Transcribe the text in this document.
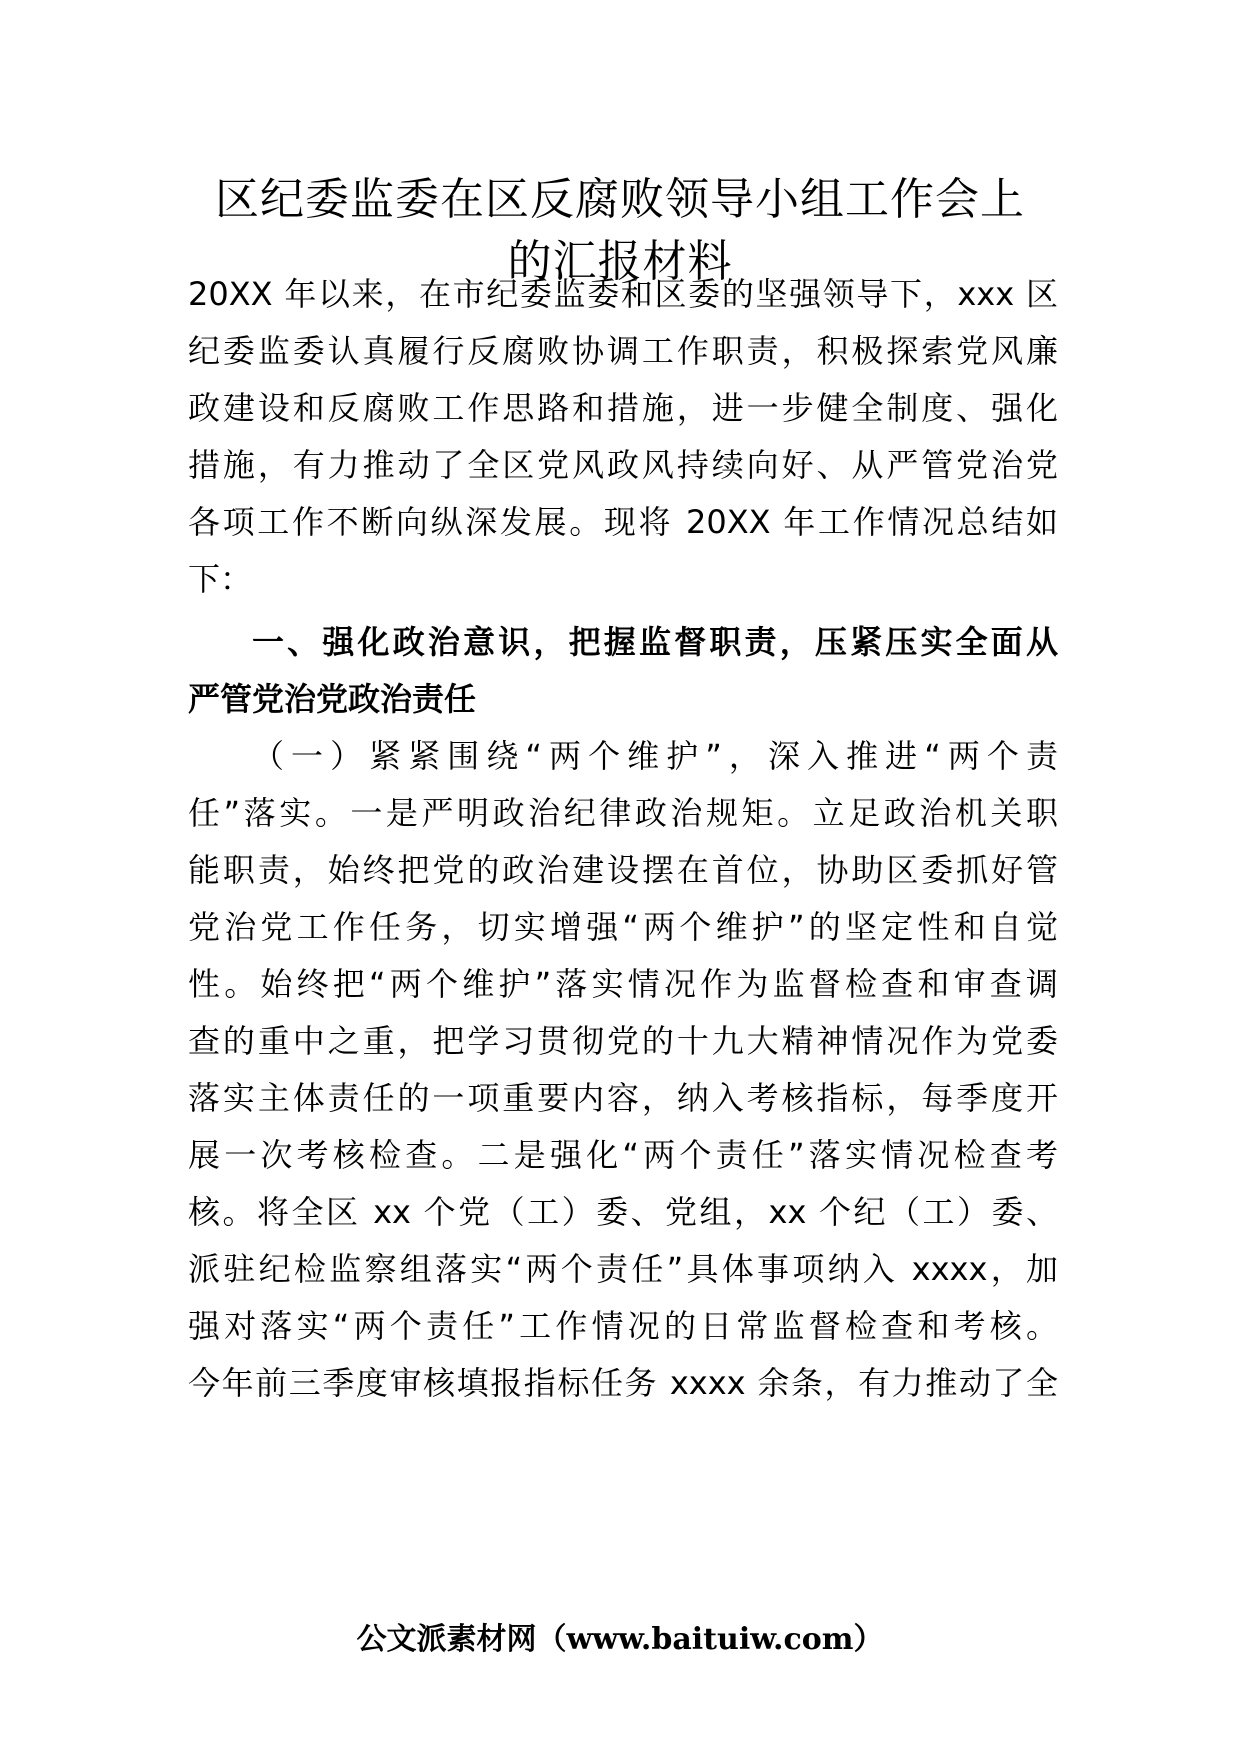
区纪委监委在区反腐败领导小组工作会上
的汇报材料
20XX 年以来，在市纪委监委和区委的坚强领导下，xxx 区
纪委监委认真履行反腐败协调工作职责，积极探索党风廉
政建设和反腐败工作思路和措施，进一步健全制度、强化
措施，有力推动了全区党风政风持续向好、从严管党治党
各项工作不断向纵深发展。现将 20XX 年工作情况总结如
下：
一、强化政治意识，把握监督职责，压紧压实全面从
严管党治党政治责任
（一）紧紧围绕“两个维护”，深入推进“两个责
任”落实。一是严明政治纪律政治规矩。立足政治机关职
能职责，始终把党的政治建设摆在首位，协助区委抓好管
党治党工作任务，切实增强“两个维护”的坚定性和自觉
性。始终把“两个维护”落实情况作为监督检查和审查调
查的重中之重，把学习贯彻党的十九大精神情况作为党委
落实主体责任的一项重要内容，纳入考核指标，每季度开
展一次考核检查。二是强化“两个责任”落实情况检查考
核。将全区 xx 个党（工）委、党组，xx 个纪（工）委、
派驻纪检监察组落实“两个责任”具体事项纳入 xxxx，加
强对落实“两个责任”工作情况的日常监督检查和考核。
今年前三季度审核填报指标任务 xxxx 余条，有力推动了全
公文派素材网（www.baituiw.com）
